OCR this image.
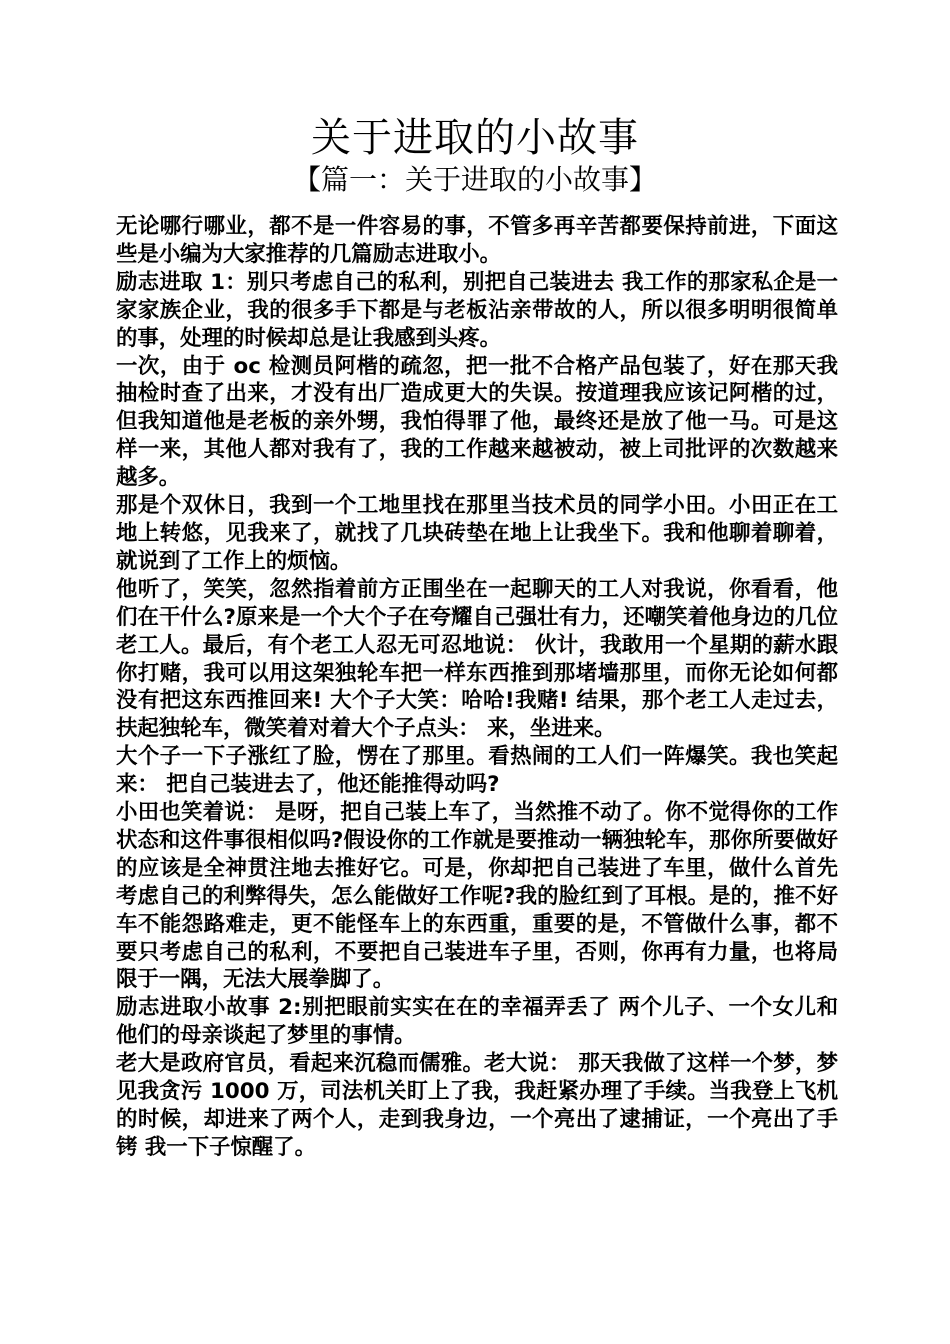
关于进取的小故事
【篇一：关于进取的小故事】

无论哪行哪业，都不是一件容易的事，不管多再辛苦都要保持前进，下面这些是小编为大家推荐的几篇励志进取小。

励志进取 1：别只考虑自己的私利，别把自己装进去 我工作的那家私企是一家家族企业，我的很多手下都是与老板沾亲带故的人，所以很多明明很简单的事，处理的时候却总是让我感到头疼。

一次，由于 oc 检测员阿楷的疏忽，把一批不合格产品包装了，好在那天我抽检时查了出来，才没有出厂造成更大的失误。按道理我应该记阿楷的过，但我知道他是老板的亲外甥，我怕得罪了他，最终还是放了他一马。可是这样一来，其他人都对我有了，我的工作越来越被动，被上司批评的次数越来越多。

那是个双休日，我到一个工地里找在那里当技术员的同学小田。小田正在工地上转悠，见我来了，就找了几块砖垫在地上让我坐下。我和他聊着聊着，就说到了工作上的烦恼。

他听了，笑笑，忽然指着前方正围坐在一起聊天的工人对我说，你看看，他们在干什么?原来是一个大个子在夸耀自己强壮有力，还嘲笑着他身边的几位老工人。最后，有个老工人忍无可忍地说： 伙计，我敢用一个星期的薪水跟你打赌，我可以用这架独轮车把一样东西推到那堵墙那里，而你无论如何都没有把这东西推回来! 大个子大笑：哈哈!我赌! 结果，那个老工人走过去，扶起独轮车，微笑着对着大个子点头： 来，坐进来。

大个子一下子涨红了脸，愣在了那里。看热闹的工人们一阵爆笑。我也笑起来： 把自己装进去了，他还能推得动吗?

小田也笑着说： 是呀，把自己装上车了，当然推不动了。你不觉得你的工作状态和这件事很相似吗?假设你的工作就是要推动一辆独轮车，那你所要做好的应该是全神贯注地去推好它。可是，你却把自己装进了车里，做什么首先考虑自己的利弊得失，怎么能做好工作呢?我的脸红到了耳根。是的，推不好车不能怨路难走，更不能怪车上的东西重，重要的是，不管做什么事，都不要只考虑自己的私利，不要把自己装进车子里，否则，你再有力量，也将局限于一隅，无法大展拳脚了。

励志进取小故事 2:别把眼前实实在在的幸福弄丢了 两个儿子、一个女儿和他们的母亲谈起了梦里的事情。

老大是政府官员，看起来沉稳而儒雅。老大说： 那天我做了这样一个梦，梦见我贪污 1000 万，司法机关盯上了我，我赶紧办理了手续。当我登上飞机的时候，却进来了两个人，走到我身边，一个亮出了逮捕证，一个亮出了手铐 我一下子惊醒了。
